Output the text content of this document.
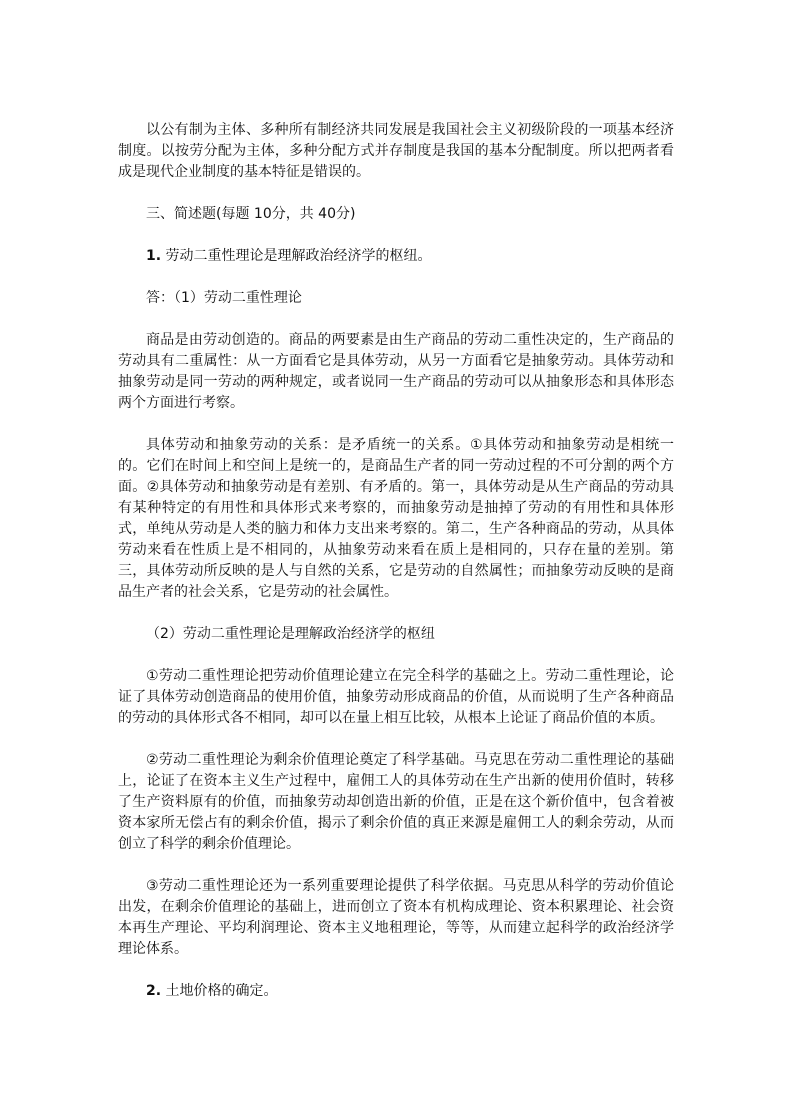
以公有制为主体、多种所有制经济共同发展是我国社会主义初级阶段的一项基本经济制度。以按劳分配为主体，多种分配方式并存制度是我国的基本分配制度。所以把两者看成是现代企业制度的基本特征是错误的。

三、简述题(每题 10分，共 40分)

1. 劳动二重性理论是理解政治经济学的枢纽。

答：（1）劳动二重性理论

商品是由劳动创造的。商品的两要素是由生产商品的劳动二重性决定的，生产商品的劳动具有二重属性：从一方面看它是具体劳动，从另一方面看它是抽象劳动。具体劳动和抽象劳动是同一劳动的两种规定，或者说同一生产商品的劳动可以从抽象形态和具体形态两个方面进行考察。

具体劳动和抽象劳动的关系：是矛盾统一的关系。①具体劳动和抽象劳动是相统一的。它们在时间上和空间上是统一的，是商品生产者的同一劳动过程的不可分割的两个方面。②具体劳动和抽象劳动是有差别、有矛盾的。第一，具体劳动是从生产商品的劳动具有某种特定的有用性和具体形式来考察的，而抽象劳动是抽掉了劳动的有用性和具体形式，单纯从劳动是人类的脑力和体力支出来考察的。第二，生产各种商品的劳动，从具体劳动来看在性质上是不相同的，从抽象劳动来看在质上是相同的，只存在量的差别。第三，具体劳动所反映的是人与自然的关系，它是劳动的自然属性；而抽象劳动反映的是商品生产者的社会关系，它是劳动的社会属性。

（2）劳动二重性理论是理解政治经济学的枢纽

①劳动二重性理论把劳动价值理论建立在完全科学的基础之上。劳动二重性理论，论证了具体劳动创造商品的使用价值，抽象劳动形成商品的价值，从而说明了生产各种商品的劳动的具体形式各不相同，却可以在量上相互比较，从根本上论证了商品价值的本质。

②劳动二重性理论为剩余价值理论奠定了科学基础。马克思在劳动二重性理论的基础上，论证了在资本主义生产过程中，雇佣工人的具体劳动在生产出新的使用价值时，转移了生产资料原有的价值，而抽象劳动却创造出新的价值，正是在这个新价值中，包含着被资本家所无偿占有的剩余价值，揭示了剩余价值的真正来源是雇佣工人的剩余劳动，从而创立了科学的剩余价值理论。

③劳动二重性理论还为一系列重要理论提供了科学依据。马克思从科学的劳动价值论出发，在剩余价值理论的基础上，进而创立了资本有机构成理论、资本积累理论、社会资本再生产理论、平均利润理论、资本主义地租理论，等等，从而建立起科学的政治经济学理论体系。

2. 土地价格的确定。
